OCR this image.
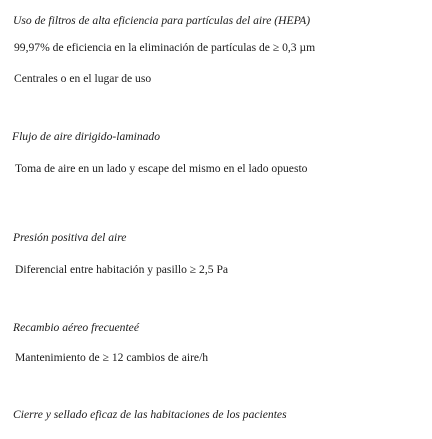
Uso de filtros de alta eficiencia para partículas del aire (HEPA)
99,97% de eficiencia en la eliminación de partículas de ≥ 0,3 µm
Centrales o en el lugar de uso
Flujo de aire dirigido-laminado
Toma de aire en un lado y escape del mismo en el lado opuesto
Presión positiva del aire
Diferencial entre habitación y pasillo ≥ 2,5 Pa
Recambio aéreo frecuenteé
Mantenimiento de ≥ 12 cambios de aire/h
Cierre y sellado eficaz de las habitaciones de los pacientes
